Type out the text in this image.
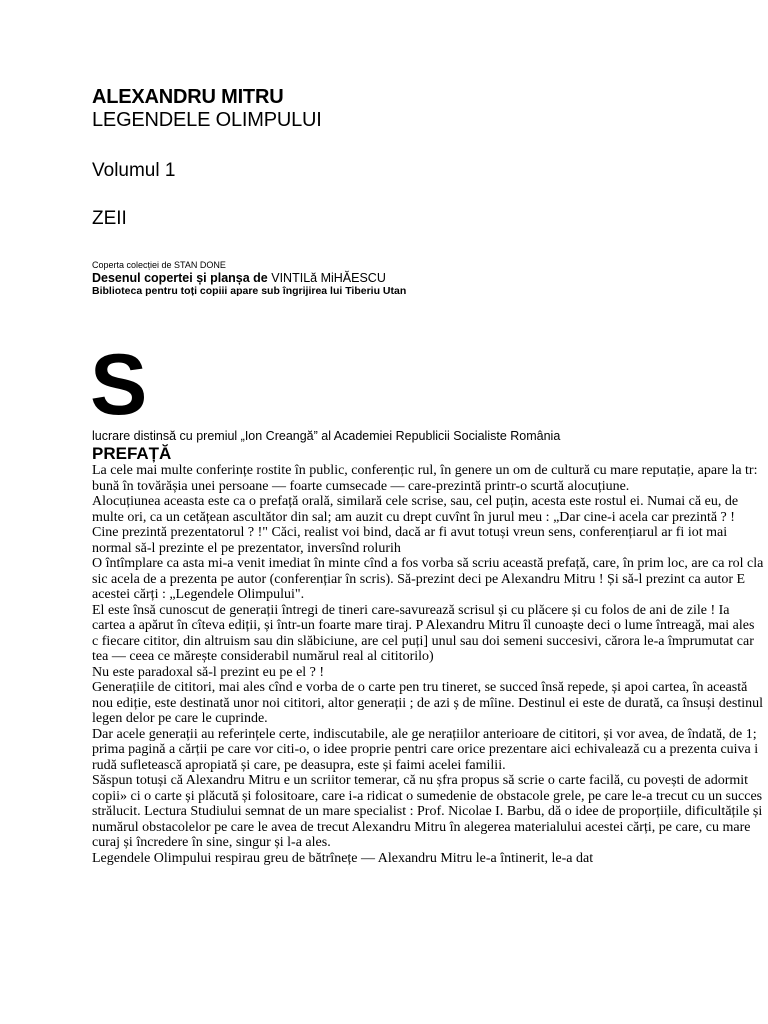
ALEXANDRU MITRU

LEGENDELE OLIMPULUI

Volumul 1

ZEII

Coperta colecției de STAN DONE

Desenul copertei și planșa de VINTILă MiHĂESCU

Biblioteca pentru toți copiii apare sub îngrijirea lui Tiberiu Utan

S

lucrare distinsă cu premiul „Ion Creangă” al Academiei Republicii Socialiste România

PREFAȚĂ

La cele mai multe conferințe rostite în public, conferențic rul, în genere un om de cultură cu mare reputație, apare la tr: bună în tovărășia unei persoane — foarte cumsecade — care-prezintă printr-o scurtă alocuțiune.

Alocuțiunea aceasta este ca o prefață orală, similară cele scrise, sau, cel puțin, acesta este rostul ei. Numai că eu, de multe ori, ca un cetățean ascultător din sal; am auzit cu drept cuvînt în jurul meu : „Dar cine-i acela car prezintă ? ! Cine prezintă prezentatorul ? !" Căci, realist voi bind, dacă ar fi avut totuși vreun sens, conferențiarul ar fi iot mai normal să-l prezinte el pe prezentator, inversînd rolurih

O întîmplare ca asta mi-a venit imediat în minte cînd a fos vorba să scriu această prefață, care, în prim loc, are ca rol cla sic acela de a prezenta pe autor (conferențiar în scris). Să-prezint deci pe Alexandru Mitru ! Și să-l prezint ca autor E acestei cărți : „Legendele Olimpului".

El este însă cunoscut de generații întregi de tineri care-savurează scrisul și cu plăcere și cu folos de ani de zile ! Ia cartea a apărut în cîteva ediții, și într-un foarte mare tiraj. P Alexandru Mitru îl cunoaște deci o lume întreagă, mai ales c fiecare cititor, din altruism sau din slăbiciune, are cel puți] unul sau doi semeni succesivi, cărora le-a împrumutat car tea — ceea ce mărește considerabil numărul real al cititorilo)

Nu este paradoxal să-l prezint eu pe el ? !

Generațiile de cititori, mai ales cînd e vorba de o carte pen tru tineret, se succed însă repede, și apoi cartea, în această nou ediție, este destinată unor noi cititori, altor generații ; de azi ș de mîine. Destinul ei este de durată, ca însuși destinul legen delor pe care le cuprinde.

Dar acele generații au referințele certe, indiscutabile, ale ge nerațiilor anterioare de cititori, și vor avea, de îndată, de 1; prima pagină a cărții pe care vor citi-o, o idee proprie pentri care orice prezentare aici echivalează cu a prezenta cuiva i rudă sufletească apropiată și care, pe deasupra, este și faimi acelei familii.

Săspun totuși că Alexandru Mitru e un scriitor temerar, că nu șfra propus să scrie o carte facilă, cu povești de adormit copii» ci o carte și plăcută și folositoare, care i-a ridicat o sumedenie de obstacole grele, pe care le-a trecut cu un succes strălucit. Lectura Studiului semnat de un mare specialist : Prof. Nicolae I. Barbu, dă o idee de proporțiile, dificultățile și numărul obstacolelor pe care le avea de trecut Alexandru Mitru în alegerea materialului acestei cărți, pe care, cu mare curaj și încredere în sine, singur și l-a ales.

Legendele Olimpului respirau greu de bătrînețe — Alexandru Mitru le-a întinerit, le-a dat
